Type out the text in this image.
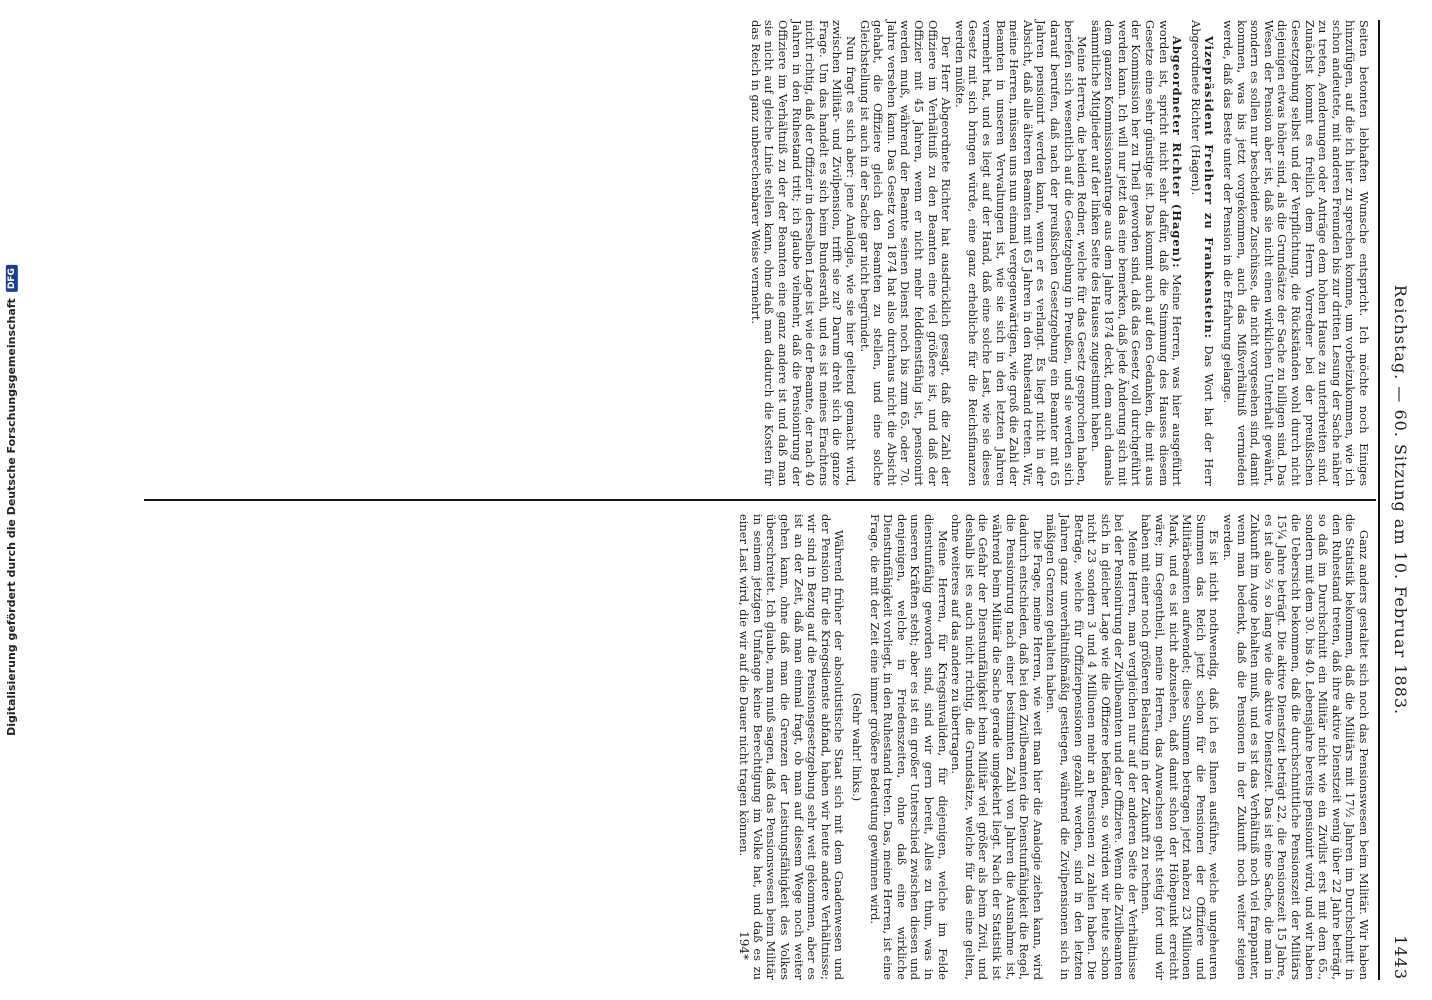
Digitalisierung gefördert durch die Deutsche Forschungsgemeinschaft
DFG
Reichstag. — 60. Sitzung am 10. Februar 1883.
1443

Seiten betonten lebhaften Wunsche entspricht. Ich möchte noch Einiges hinzufügen, auf die ich hier zu sprechen komme, um vorbeizukommen, wie ich schon andeutete, mit anderen Freunden bis zur dritten Lesung der Sache näher zu treten, Aenderungen oder Anträge dem hohen Hause zu unterbreiten sind. Zunächst kommt es freilich dem Herrn Vorredner bei der preußischen Gesetzgebung selbst und der Verpflichtung, die Rückständen wohl durch nicht diejenigen etwas höher sind, als die Grundsätze der Sache zu billigen sind. Das Wesen der Pension aber ist, daß sie nicht einen wirklichen Unterhalt gewährt, sondern es sollen nur bescheidene Zuschüsse, die nicht vorgesehen sind, damit kommen, was bis jetzt vorgekommen, auch das Mißverhältniß vermieden werde, daß das Beste unter der Pension in die Erfahrung gelange.

Vizepräsident Freiherr zu Frankenstein: Das Wort hat der Herr Abgeordnete Richter (Hagen).

Abgeordneter Richter (Hagen): Meine Herren, was hier ausgeführt worden ist, spricht nicht sehr dafür, daß die Stimmung des Hauses diesem Gesetze eine sehr günstige ist. Das kommt auch auf den Gedanken, die mit aus der Kommission her zu Theil geworden sind, daß das Gesetz voll durchgeführt werden kann. Ich will nur jetzt das eine bemerken, daß jede Änderung sich mit dem ganzen Kommissionsantrage aus dem Jahre 1874 deckt, dem auch damals sämmtliche Mitglieder auf der linken Seite des Hauses zugestimmt haben.

Meine Herren, die beiden Redner, welche für das Gesetz gesprochen haben, beriefen sich wesentlich auf die Gesetzgebung in Preußen, und sie werden sich darauf berufen, daß nach der preußischen Gesetzgebung ein Beamter mit 65 Jahren pensionirt werden kann, wenn er es verlangt. Es liegt nicht in der Absicht, daß alle älteren Beamten mit 65 Jahren in den Ruhestand treten. Wir, meine Herren, müssen uns nun einmal vergegenwärtigen, wie groß die Zahl der Beamten in unseren Verwaltungen ist, wie sie sich in den letzten Jahren vermehrt hat, und es liegt auf der Hand, daß eine solche Last, wie sie dieses Gesetz mit sich bringen würde, eine ganz erhebliche für die Reichsfinanzen werden müßte.

Der Herr Abgeordnete Richter hat ausdrücklich gesagt, daß die Zahl der Offiziere im Verhältniß zu den Beamten eine viel größere ist, und daß der Offizier mit 45 Jahren, wenn er nicht mehr felddienstfähig ist, pensionirt werden muß, während der Beamte seinen Dienst noch bis zum 65. oder 70. Jahre versehen kann. Das Gesetz von 1874 hat also durchaus nicht die Absicht gehabt, die Offiziere gleich den Beamten zu stellen, und eine solche Gleichstellung ist auch in der Sache gar nicht begründet.

Nun fragt es sich aber: jene Analogie, wie sie hier geltend gemacht wird, zwischen Militär- und Zivilpension, trifft sie zu? Darum dreht sich die ganze Frage. Um das handelt es sich beim Bundesrath, und es ist meines Erachtens nicht richtig, daß der Offizier in derselben Lage ist wie der Beamte, der nach 40 Jahren in den Ruhestand tritt; ich glaube vielmehr, daß die Pensionirung der Offiziere im Verhältniß zu der der Beamten eine ganz andere ist und daß man sie nicht auf gleiche Linie stellen kann, ohne daß man dadurch die Kosten für das Reich in ganz unberechenbarer Weise vermehrt.

Ganz anders gestaltet sich noch das Pensionswesen beim Militär. Wir haben die Statistik bekommen, daß die Militärs mit 17½ Jahren im Durchschnitt in den Ruhestand treten, daß ihre aktive Dienstzeit wenig über 22 Jahre beträgt, so daß im Durchschnitt ein Militär nicht wie ein Zivilist erst mit dem 65., sondern mit dem 30. bis 40. Lebensjahre bereits pensionirt wird, und wir haben die Uebersicht bekommen, daß die durchschnittliche Pensionszeit der Militärs 15¼ Jahre beträgt. Die aktive Dienstzeit beträgt 22, die Pensionszeit 15 Jahre, es ist also ⅔ so lang wie die aktive Dienstzeit. Das ist eine Sache, die man in Zukunft im Auge behalten muß, und es ist das Verhältniß noch viel frappanter, wenn man bedenkt, daß die Pensionen in der Zukunft noch weiter steigen werden.

Es ist nicht nothwendig, daß ich es Ihnen ausführe, welche ungeheuren Summen das Reich jetzt schon für die Pensionen der Offiziere und Militärbeamten aufwendet; diese Summen betragen jetzt nahezu 23 Millionen Mark, und es ist nicht abzusehen, daß damit schon der Höhepunkt erreicht wäre; im Gegentheil, meine Herren, das Anwachsen geht stetig fort und wir haben mit einer noch größeren Belastung in der Zukunft zu rechnen.

Meine Herren, man vergleichen nur auf der anderen Seite der Verhältnisse bei der Pensionirung der Zivilbeamten und der Offiziere. Wenn die Zivilbeamten sich in gleicher Lage wie die Offiziere befänden, so würden wir heute schon nicht 23 sondern 3 und 4 Millionen mehr an Pensionen zu zahlen haben. Die Beträge, welche für Offizierpensionen gezahlt werden, sind in den letzten Jahren ganz unverhältnißmäßig gestiegen, während die Zivilpensionen sich in mäßigen Grenzen gehalten haben.

Die Frage, meine Herren, wie weit man hier die Analogie ziehen kann, wird dadurch entschieden, daß bei den Zivilbeamten die Dienstunfähigkeit die Regel, die Pensionirung nach einer bestimmten Zahl von Jahren die Ausnahme ist, während beim Militär die Sache gerade umgekehrt liegt. Nach der Statistik ist die Gefahr der Dienstunfähigkeit beim Militär viel größer als beim Zivil, und deshalb ist es auch nicht richtig, die Grundsätze, welche für das eine gelten, ohne weiteres auf das andere zu übertragen.

Meine Herren, für Kriegsinvaliden, für diejenigen, welche im Felde dienstunfähig geworden sind, sind wir gern bereit, Alles zu thun, was in unseren Kräften steht; aber es ist ein großer Unterschied zwischen diesen und denjenigen, welche in Friedenszeiten, ohne daß eine wirkliche Dienstunfähigkeit vorliegt, in den Ruhestand treten. Das, meine Herren, ist eine Frage, die mit der Zeit eine immer größere Bedeutung gewinnen wird.

(Sehr wahr! links.)

Während früher der absolutistische Staat sich mit dem Gnadenwesen und der Pension für die Kriegsdienste abfand, haben wir heute andere Verhältnisse; wir sind in Bezug auf die Pensionsgesetzgebung sehr weit gekommen, aber es ist an der Zeit, daß man einmal fragt, ob man auf diesem Wege noch weiter gehen kann, ohne daß man die Grenzen der Leistungsfähigkeit des Volkes überschreitet. Ich glaube, man muß sagen, daß das Pensionswesen beim Militär in seinem jetzigen Umfange keine Berechtigung im Volke hat, und daß es zu einer Last wird, die wir auf die Dauer nicht tragen können.

194*
